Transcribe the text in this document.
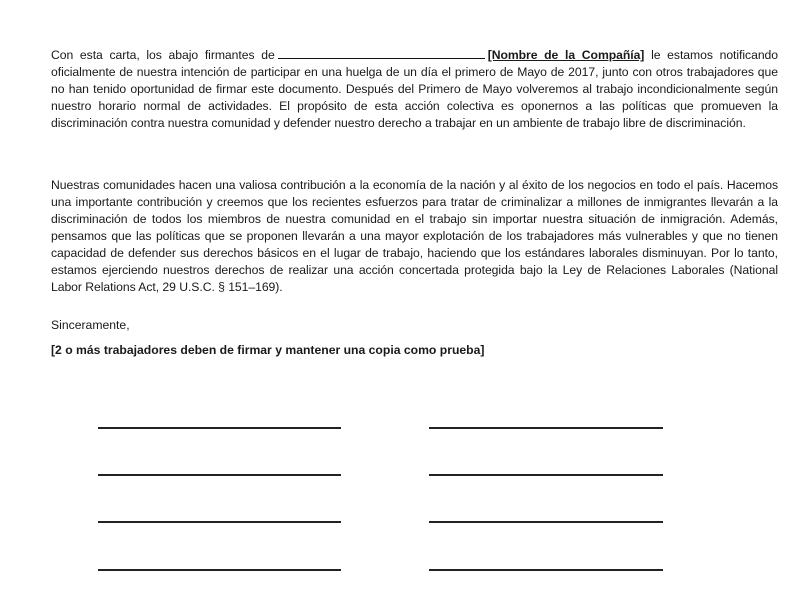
Con esta carta, los abajo firmantes de	[Nombre de la Compañía] le estamos notificando oficialmente de nuestra intención de participar en una huelga de un día el primero de Mayo de 2017, junto con otros trabajadores que no han tenido oportunidad de firmar este documento. Después del Primero de Mayo volveremos al trabajo incondicionalmente según nuestro horario normal de actividades. El propósito de esta acción colectiva es oponernos a las políticas que promueven la discriminación contra nuestra comunidad y defender nuestro derecho a trabajar en un ambiente de trabajo libre de discriminación.

Nuestras comunidades hacen una valiosa contribución a la economía de la nación y al éxito de los negocios en todo el país. Hacemos una importante contribución y creemos que los recientes esfuerzos para tratar de criminalizar a millones de inmigrantes llevarán a la discriminación de todos los miembros de nuestra comunidad en el trabajo sin importar nuestra situación de inmigración. Además, pensamos que las políticas que se proponen llevarán a una mayor explotación de los trabajadores más vulnerables y que no tienen capacidad de defender sus derechos básicos en el lugar de trabajo, haciendo que los estándares laborales disminuyan. Por lo tanto, estamos ejerciendo nuestros derechos de realizar una acción concertada protegida bajo la Ley de Relaciones Laborales (National Labor Relations Act, 29 U.S.C. § 151–169).

Sinceramente,

[2 o más trabajadores deben de firmar y mantener una copia como prueba]
